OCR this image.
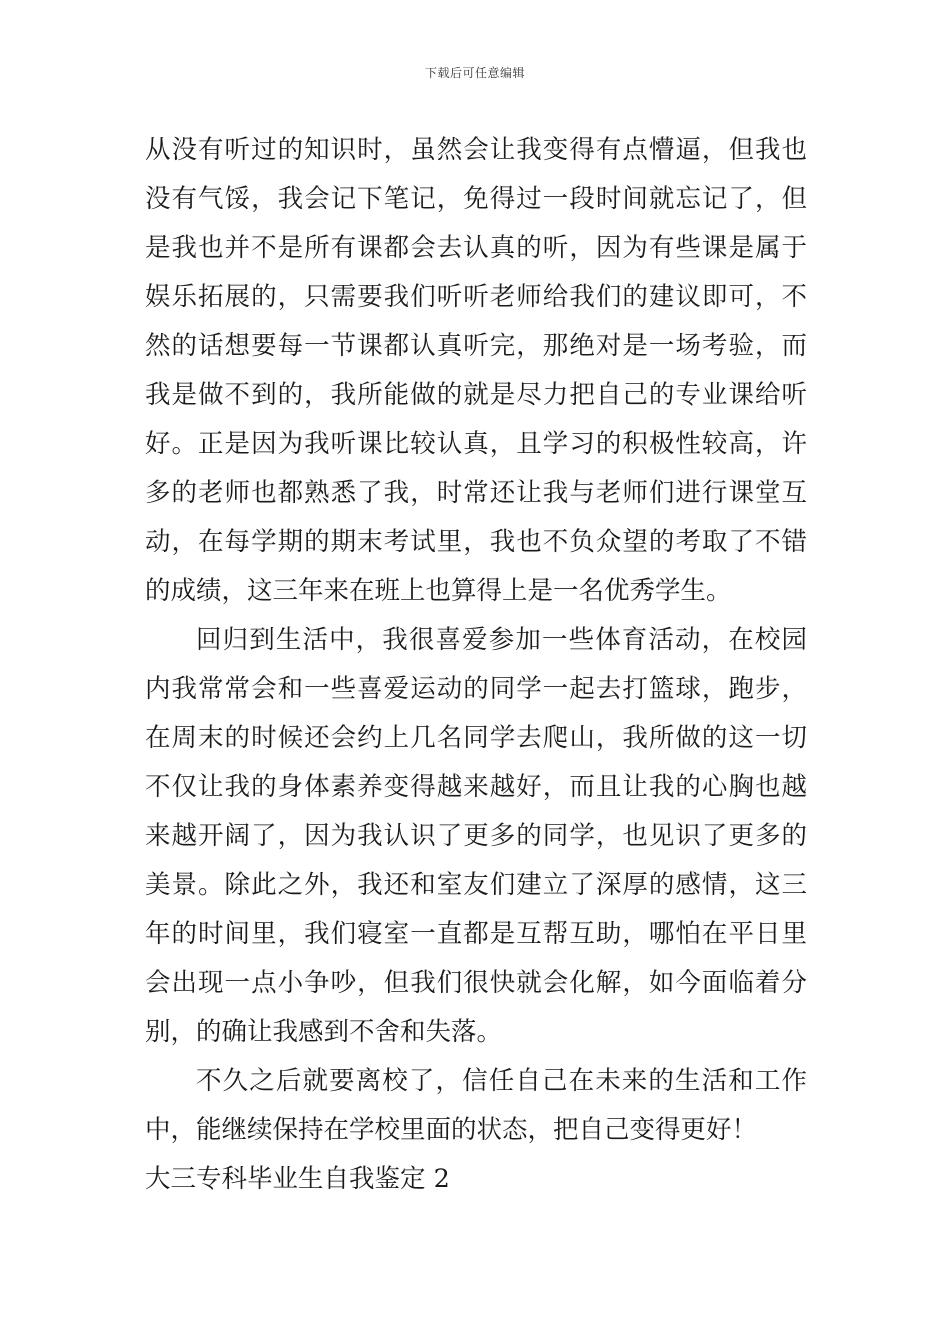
下载后可任意编辑

从没有听过的知识时，虽然会让我变得有点懵逼，但我也没有气馁，我会记下笔记，免得过一段时间就忘记了，但是我也并不是所有课都会去认真的听，因为有些课是属于娱乐拓展的，只需要我们听听老师给我们的建议即可，不然的话想要每一节课都认真听完，那绝对是一场考验，而我是做不到的，我所能做的就是尽力把自己的专业课给听好。正是因为我听课比较认真，且学习的积极性较高，许多的老师也都熟悉了我，时常还让我与老师们进行课堂互动，在每学期的期末考试里，我也不负众望的考取了不错的成绩，这三年来在班上也算得上是一名优秀学生。

回归到生活中，我很喜爱参加一些体育活动，在校园内我常常会和一些喜爱运动的同学一起去打篮球，跑步，在周末的时候还会约上几名同学去爬山，我所做的这一切不仅让我的身体素养变得越来越好，而且让我的心胸也越来越开阔了，因为我认识了更多的同学，也见识了更多的美景。除此之外，我还和室友们建立了深厚的感情，这三年的时间里，我们寝室一直都是互帮互助，哪怕在平日里会出现一点小争吵，但我们很快就会化解，如今面临着分别，的确让我感到不舍和失落。

不久之后就要离校了，信任自己在未来的生活和工作中，能继续保持在学校里面的状态，把自己变得更好！

大三专科毕业生自我鉴定 2
